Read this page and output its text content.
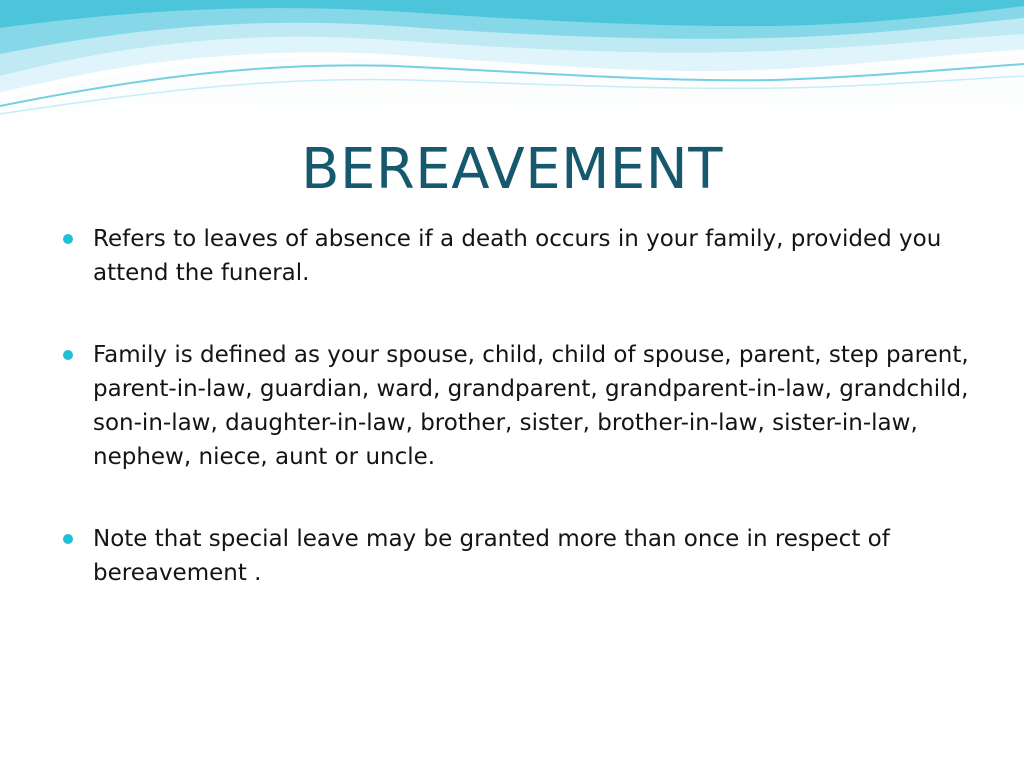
BEREAVEMENT
Refers to leaves of absence if a death occurs in your family, provided you attend the funeral.
Family is defined as your spouse, child, child of spouse, parent, step parent, parent-in-law, guardian, ward, grandparent, grandparent-in-law, grandchild, son-in-law, daughter-in-law, brother, sister, brother-in-law, sister-in-law, nephew, niece, aunt or uncle.
Note that special leave may be granted more than once in respect of bereavement .
